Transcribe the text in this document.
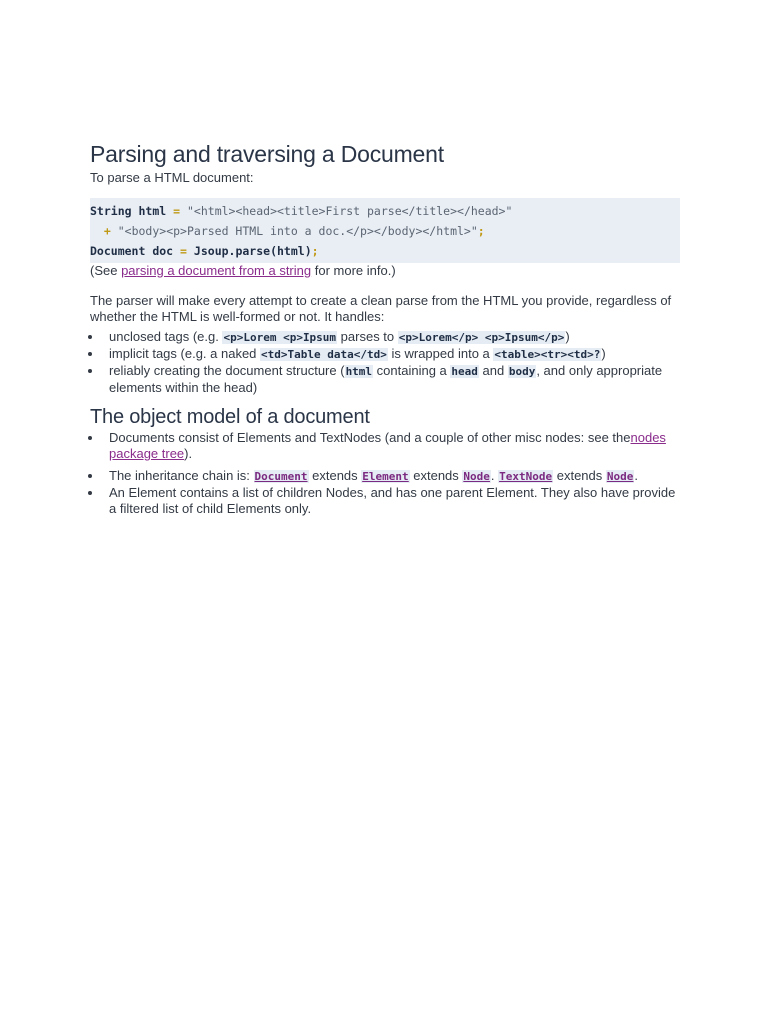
Parsing and traversing a Document

To parse a HTML document:

String html = "<html><head><title>First parse</title></head>"
+ "<body><p>Parsed HTML into a doc.</p></body></html>";
Document doc = Jsoup.parse(html);

(See parsing a document from a string for more info.)

The parser will make every attempt to create a clean parse from the HTML you provide, regardless of whether the HTML is well-formed or not. It handles:

unclosed tags (e.g. <p>Lorem <p>Ipsum parses to <p>Lorem</p> <p>Ipsum</p>)
implicit tags (e.g. a naked <td>Table data</td> is wrapped into a <table><tr><td>?)
reliably creating the document structure (html containing a head and body, and only appropriate elements within the head)
The object model of a document
Documents consist of Elements and TextNodes (and a couple of other misc nodes: see thenodes package tree).
The inheritance chain is: Document extends Element extends Node. TextNode extends Node.
An Element contains a list of children Nodes, and has one parent Element. They also have provide a filtered list of child Elements only.
